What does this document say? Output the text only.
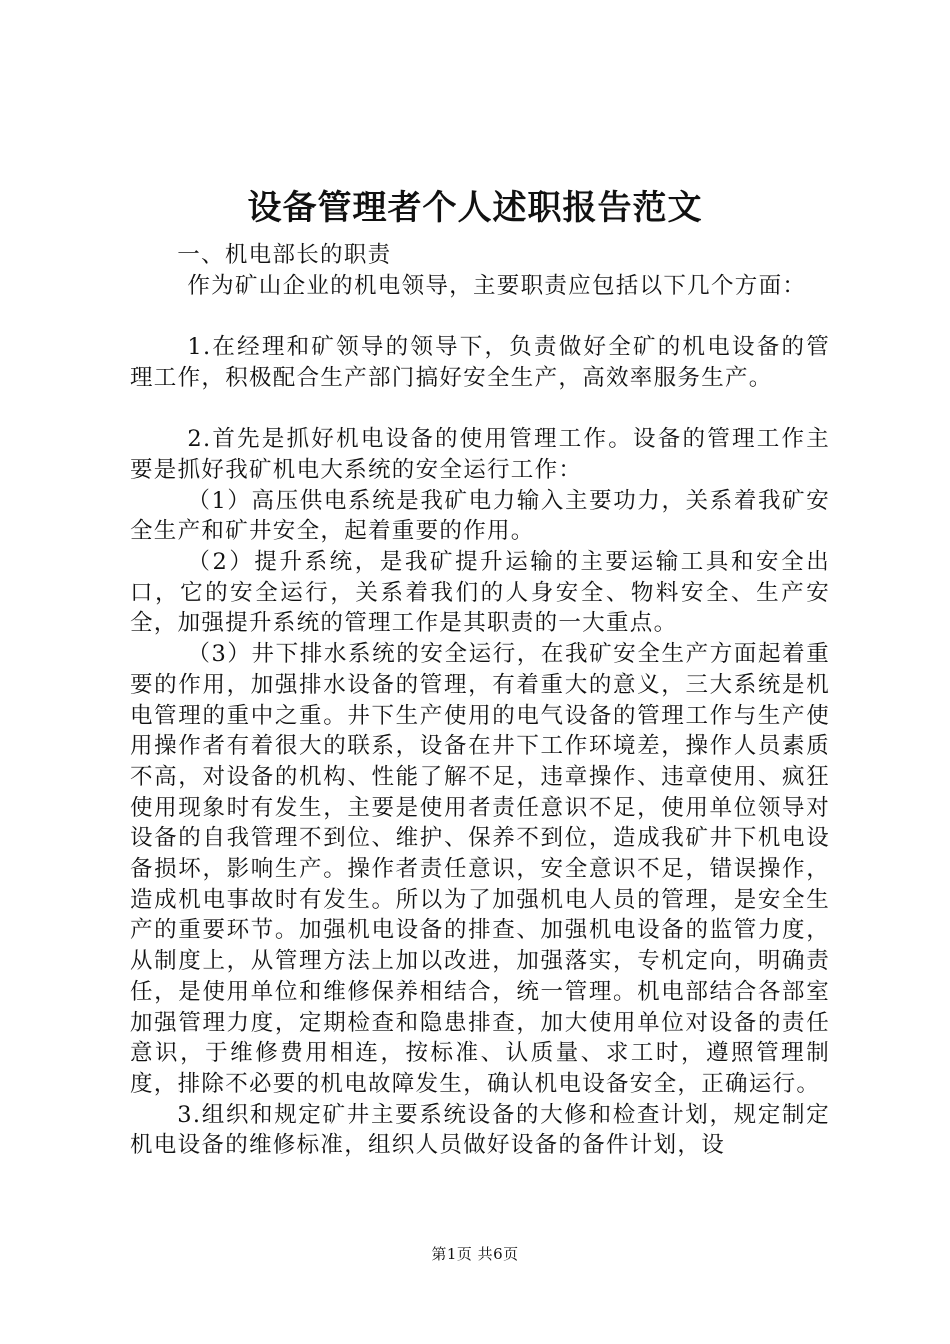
设备管理者个人述职报告范文

一、机电部长的职责

作为矿山企业的机电领导，主要职责应包括以下几个方面：

1.在经理和矿领导的领导下，负责做好全矿的机电设备的管理工作，积极配合生产部门搞好安全生产，高效率服务生产。

2.首先是抓好机电设备的使用管理工作。设备的管理工作主要是抓好我矿机电大系统的安全运行工作：

（1）高压供电系统是我矿电力输入主要功力，关系着我矿安全生产和矿井安全，起着重要的作用。

（2）提升系统，是我矿提升运输的主要运输工具和安全出口，它的安全运行，关系着我们的人身安全、物料安全、生产安全，加强提升系统的管理工作是其职责的一大重点。

（3）井下排水系统的安全运行，在我矿安全生产方面起着重要的作用，加强排水设备的管理，有着重大的意义，三大系统是机电管理的重中之重。井下生产使用的电气设备的管理工作与生产使用操作者有着很大的联系，设备在井下工作环境差，操作人员素质不高，对设备的机构、性能了解不足，违章操作、违章使用、疯狂使用现象时有发生，主要是使用者责任意识不足，使用单位领导对设备的自我管理不到位、维护、保养不到位，造成我矿井下机电设备损坏，影响生产。操作者责任意识，安全意识不足，错误操作，造成机电事故时有发生。所以为了加强机电人员的管理，是安全生产的重要环节。加强机电设备的排查、加强机电设备的监管力度，从制度上，从管理方法上加以改进，加强落实，专机定向，明确责任，是使用单位和维修保养相结合，统一管理。机电部结合各部室加强管理力度，定期检查和隐患排查，加大使用单位对设备的责任意识，于维修费用相连，按标准、认质量、求工时，遵照管理制度，排除不必要的机电故障发生，确认机电设备安全，正确运行。

3.组织和规定矿井主要系统设备的大修和检查计划，规定制定机电设备的维修标准，组织人员做好设备的备件计划，设

第1页 共6页
